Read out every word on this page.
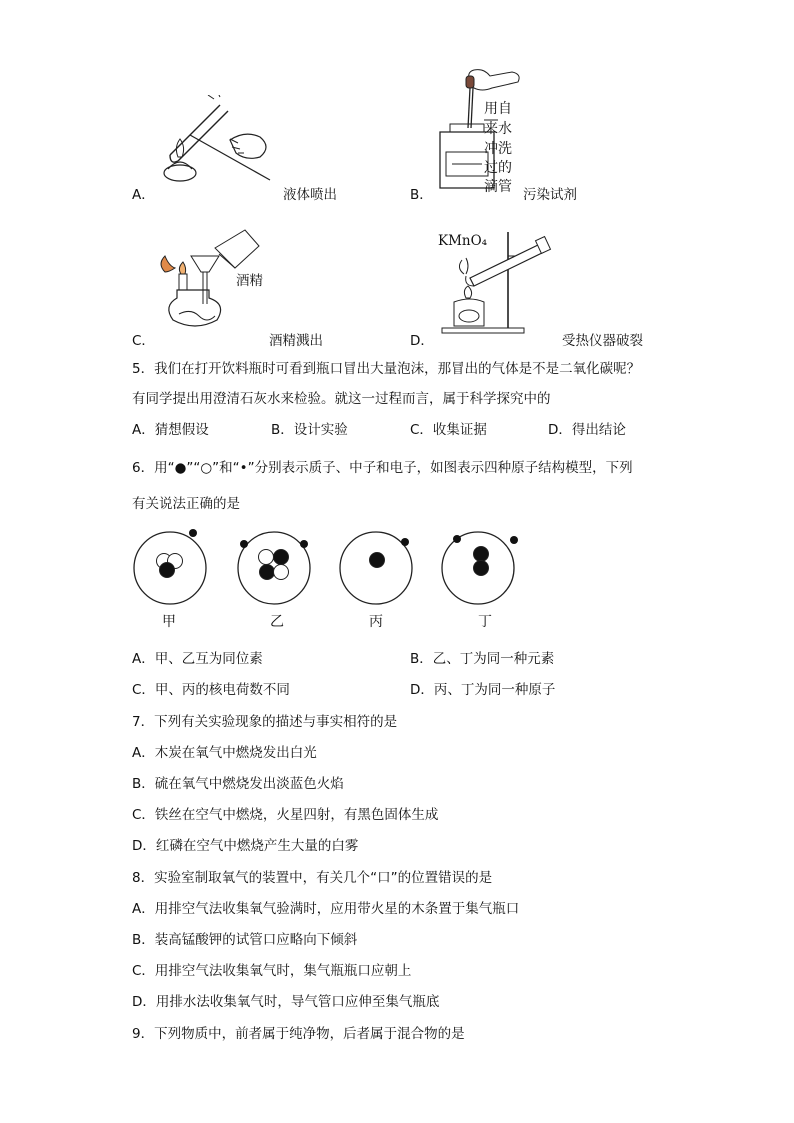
A．	液体喷出
用自
来水
冲洗
过的
滴管
B．	污染试剂
酒精
C．	酒精溅出
KMnO₄
D．	受热仪器破裂
5．我们在打开饮料瓶时可看到瓶口冒出大量泡沫，那冒出的气体是不是二氧化碳呢？
有同学提出用澄清石灰水来检验。就这一过程而言，属于科学探究中的
A．猜想假设	B．设计实验	C．收集证据	D．得出结论
6．用“●”“○”和“•”分别表示质子、中子和电子，如图表示四种原子结构模型，下列
有关说法正确的是
甲	乙	丙	丁
A．甲、乙互为同位素	B．乙、丁为同一种元素
C．甲、丙的核电荷数不同	D．丙、丁为同一种原子
7．下列有关实验现象的描述与事实相符的是
A．木炭在氧气中燃烧发出白光
B．硫在氧气中燃烧发出淡蓝色火焰
C．铁丝在空气中燃烧，火星四射，有黑色固体生成
D．红磷在空气中燃烧产生大量的白雾
8．实验室制取氧气的装置中，有关几个“口”的位置错误的是
A．用排空气法收集氧气验满时，应用带火星的木条置于集气瓶口
B．装高锰酸钾的试管口应略向下倾斜
C．用排空气法收集氧气时，集气瓶瓶口应朝上
D．用排水法收集氧气时，导气管口应伸至集气瓶底
9．下列物质中，前者属于纯净物，后者属于混合物的是
